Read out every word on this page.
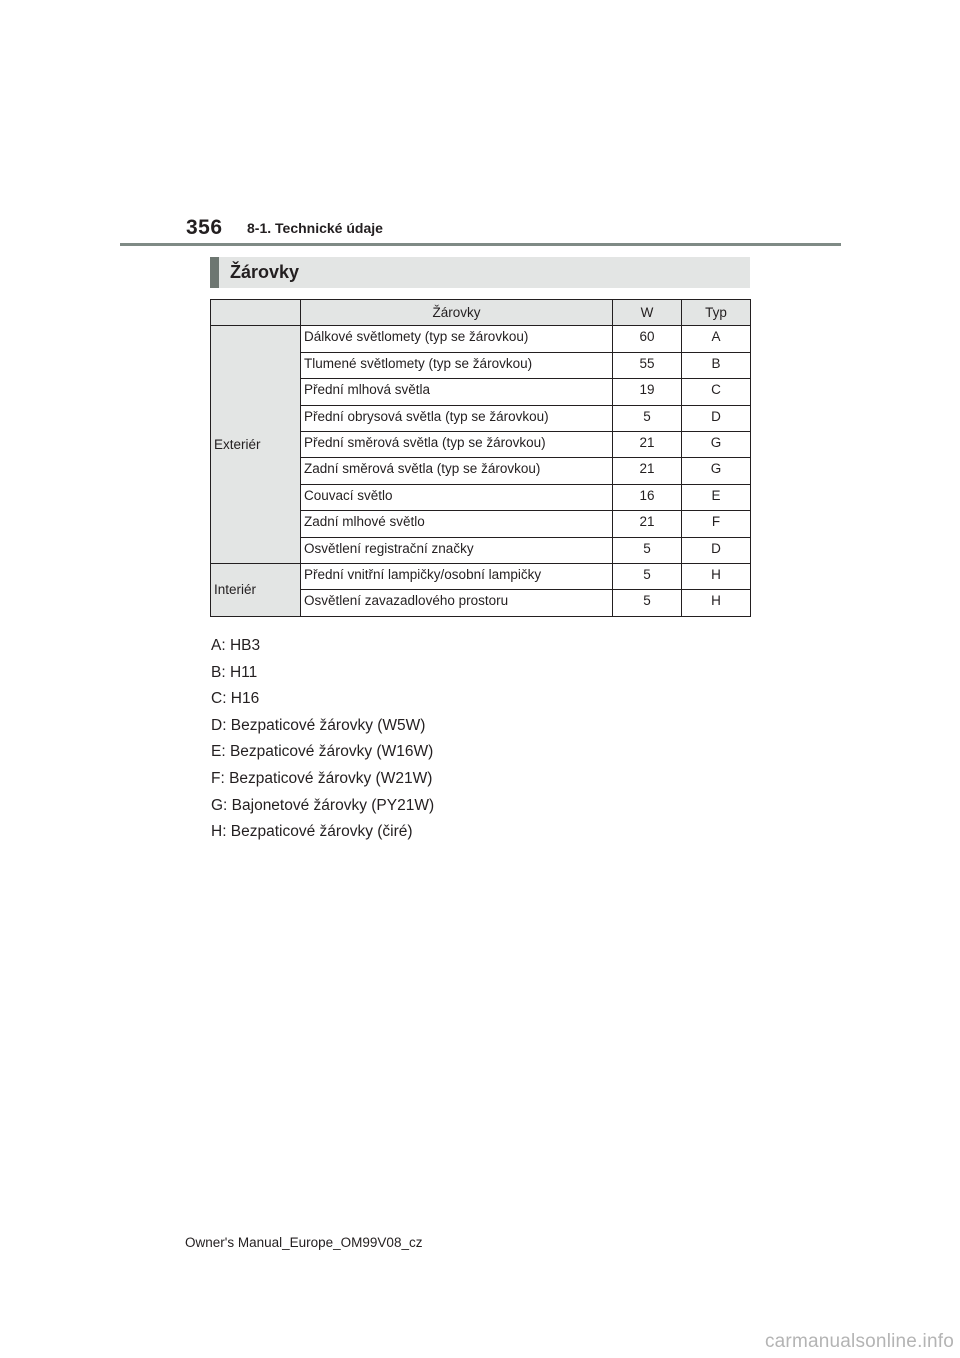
356 8-1. Technické údaje
Žárovky
	Žárovky	W	Typ
Exteriér	Dálkové světlomety (typ se žárovkou)	60	A
	Tlumené světlomety (typ se žárovkou)	55	B
	Přední mlhová světla	19	C
	Přední obrysová světla (typ se žárovkou)	5	D
	Přední směrová světla (typ se žárovkou)	21	G
	Zadní směrová světla (typ se žárovkou)	21	G
	Couvací světlo	16	E
	Zadní mlhové světlo	21	F
	Osvětlení registrační značky	5	D
Interiér	Přední vnitřní lampičky/osobní lampičky	5	H
	Osvětlení zavazadlového prostoru	5	H
A: HB3
B: H11
C: H16
D: Bezpaticové žárovky (W5W)
E: Bezpaticové žárovky (W16W)
F: Bezpaticové žárovky (W21W)
G: Bajonetové žárovky (PY21W)
H: Bezpaticové žárovky (čiré)
Owner's Manual_Europe_OM99V08_cz
carmanualsonline.info
